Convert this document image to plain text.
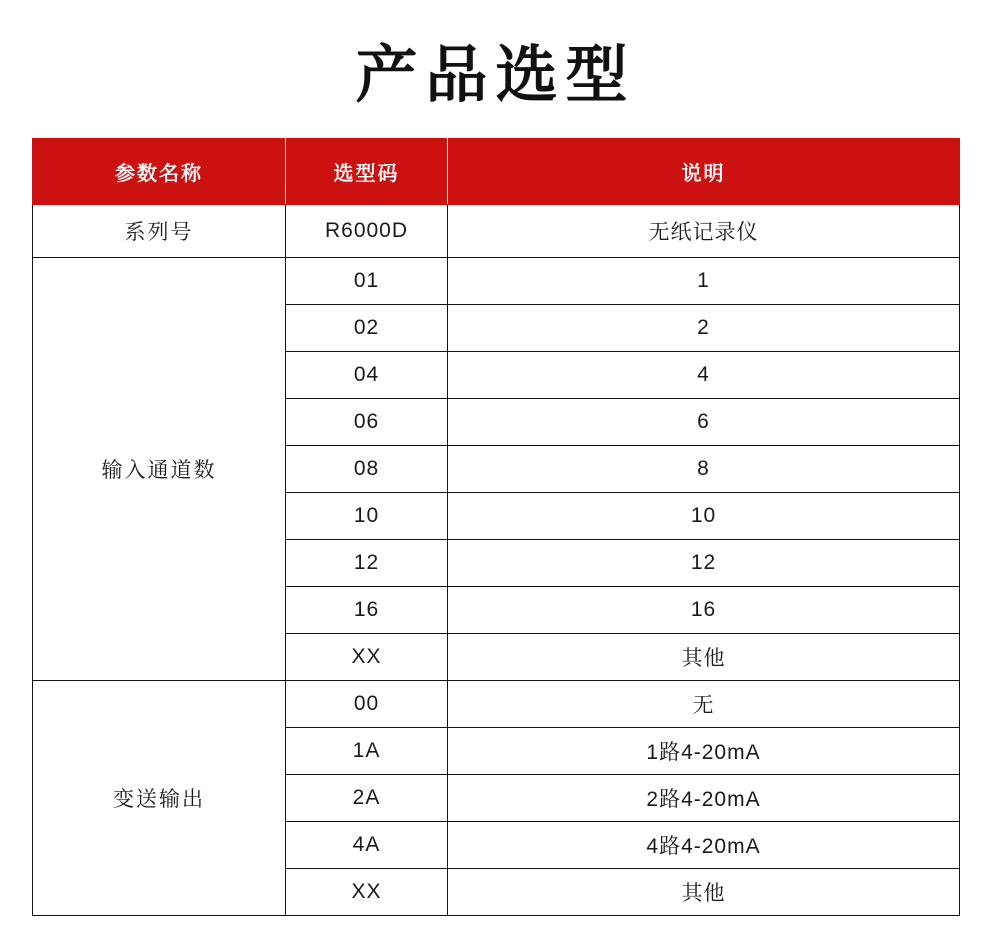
产品选型
参数名称	选型码	说明
系列号	R6000D	无纸记录仪
输入通道数	01	1
	02	2
	04	4
	06	6
	08	8
	10	10
	12	12
	16	16
	XX	其他
变送输出	00	无
	1A	1路4-20mA
	2A	2路4-20mA
	4A	4路4-20mA
	XX	其他
